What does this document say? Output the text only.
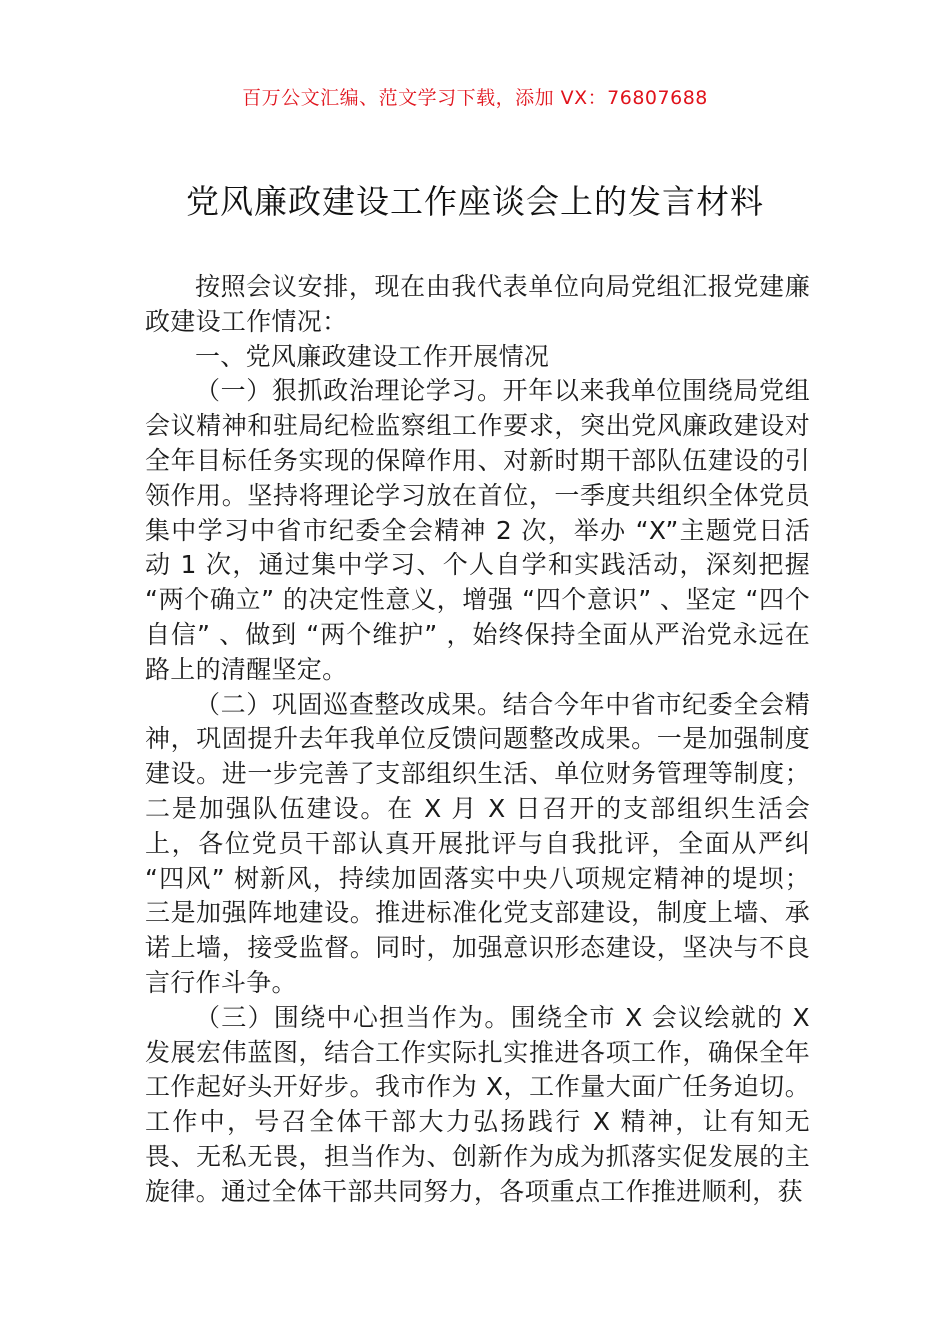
百万公文汇编、范文学习下载，添加 VX：76807688
党风廉政建设工作座谈会上的发言材料

按照会议安排，现在由我代表单位向局党组汇报党建廉政建设工作情况：

一、党风廉政建设工作开展情况

（一）狠抓政治理论学习。开年以来我单位围绕局党组会议精神和驻局纪检监察组工作要求，突出党风廉政建设对全年目标任务实现的保障作用、对新时期干部队伍建设的引领作用。坚持将理论学习放在首位，一季度共组织全体党员集中学习中省市纪委全会精神 2 次，举办 “X”主题党日活动 1 次，通过集中学习、个人自学和实践活动，深刻把握 “两个确立” 的决定性意义，增强 “四个意识” 、坚定 “四个自信” 、做到 “两个维护” ，始终保持全面从严治党永远在路上的清醒坚定。

（二）巩固巡查整改成果。结合今年中省市纪委全会精神，巩固提升去年我单位反馈问题整改成果。一是加强制度建设。进一步完善了支部组织生活、单位财务管理等制度；二是加强队伍建设。在 X 月 X 日召开的支部组织生活会上，各位党员干部认真开展批评与自我批评，全面从严纠 “四风” 树新风，持续加固落实中央八项规定精神的堤坝；三是加强阵地建设。推进标准化党支部建设，制度上墙、承诺上墙，接受监督。同时，加强意识形态建设，坚决与不良言行作斗争。

（三）围绕中心担当作为。围绕全市 X 会议绘就的 X 发展宏伟蓝图，结合工作实际扎实推进各项工作，确保全年工作起好头开好步。我市作为 X，工作量大面广任务迫切。工作中，号召全体干部大力弘扬践行 X 精神，让有知无畏、无私无畏，担当作为、创新作为成为抓落实促发展的主旋律。通过全体干部共同努力，各项重点工作推进顺利，获
